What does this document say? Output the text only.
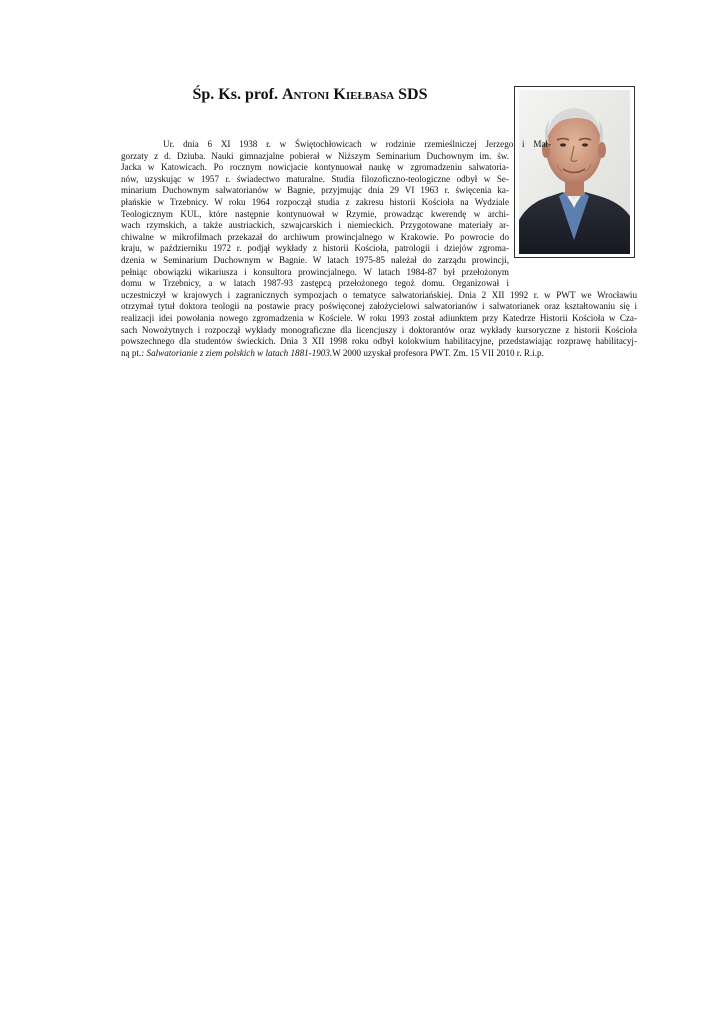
Śp. Ks. prof. Antoni Kiełbasa SDS
Ur. dnia 6 XI 1938 r. w Świętochłowicach w rodzinie rzemieślniczej Jerzego i Mał-
gorzaty z d. Dziuba. Nauki gimnazjalne pobierał w Niższym Seminarium Duchownym im. św.
Jacka w Katowicach. Po rocznym nowicjacie kontynuował naukę w zgromadzeniu salwatoria-
nów, uzyskując w 1957 r. świadectwo maturalne. Studia filozoficzno-teologiczne odbył w Se-
minarium Duchownym salwatorianów w Bagnie, przyjmując dnia 29 VI 1963 r. święcenia ka-
płańskie w Trzebnicy. W roku 1964 rozpoczął studia z zakresu historii Kościoła na Wydziale
Teologicznym KUL, które następnie kontynuował w Rzymie, prowadząc kwerendę w archi-
wach rzymskich, a także austriackich, szwajcarskich i niemieckich. Przygotowane materiały ar-
chiwalne w mikrofilmach przekazał do archiwum prowincjalnego w Krakowie. Po powrocie do
kraju, w październiku 1972 r. podjął wykłady z historii Kościoła, patrologii i dziejów zgroma-
dzenia w Seminarium Duchownym w Bagnie. W latach 1975-85 należał do zarządu prowincji,
pełniąc obowiązki wikariusza i konsultora prowincjalnego. W latach 1984-87 był przełożonym
domu w Trzebnicy, a w latach 1987-93 zastępcą przełożonego tegoż domu. Organizował i
uczestniczył w krajowych i zagranicznych sympozjach o tematyce salwatoriańskiej. Dnia 2 XII 1992 r. w PWT we Wrocławiu
otrzymał tytuł doktora teologii na postawie pracy poświęconej założycielowi salwatorianów i salwatorianek oraz kształtowaniu się i
realizacji idei powołania nowego zgromadzenia w Kościele. W roku 1993 został adiunktem przy Katedrze Historii Kościoła w Cza-
sach Nowożytnych i rozpoczął wykłady monograficzne dla licencjuszy i doktorantów oraz wykłady kursoryczne z historii Kościoła
powszechnego dla studentów świeckich. Dnia 3 XII 1998 roku odbył kolokwium habilitacyjne, przedstawiając rozprawę habilitacyj-
ną pt.: Salwatorianie z ziem polskich w latach 1881-1903.W 2000 uzyskał profesora PWT. Zm. 15 VII 2010 r. R.i.p.
